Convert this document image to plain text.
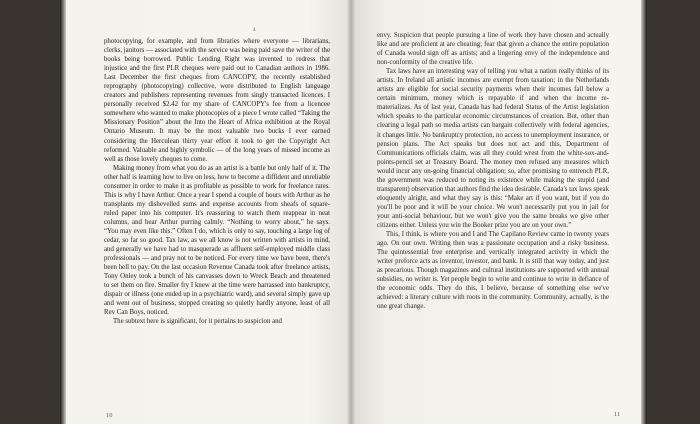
4

photocopying, for example, and from libraries where everyone — librarians, clerks, janitors — associated with the service was being paid save the writer of the books being borrowed. Public Lending Right was invented to redress that injustice and the first PLR cheques were paid out to Canadian authors in 1986. Last December the first cheques from CANCOPY, the recently established reprography (photocopying) collective, were distributed to English language creators and publishers representing revenues from singly transacted licences. I personally received $2.42 for my share of CANCOPY's fee from a licencee somewhere who wanted to make photocopies of a piece I wrote called “Taking the Missionary Position” about the Into the Heart of Africa exhibition at the Royal Ontario Museum. It may be the most valuable two bucks I ever earned considering the Herculean thirty year effort it took to get the Copyright Act reformed. Valuable and highly symbolic — of the long years of missed income as well as those lovely cheques to come.

Making money from what you do as an artist is a battle but only half of it. The other half is learning how to live on less, how to become a diffident and unreliable consumer in order to make it as profitable as possible to work for freelance rates. This is why I have Arthur. Once a year I spend a couple of hours with Arthur as he transplants my dishevelled sums and expense accounts from sheafs of square-ruled paper into his computer. It's reassuring to watch them reappear in neat columns, and hear Arthur purring calmly. “Nothing to worry about,” he says. “You may even like this.” Often I do, which is only to say, touching a large log of cedar, so far so good. Tax law, as we all know is not written with artists in mind, and generally we have had to masquerade as affluent self-employed middle class professionals — and pray not to be noticed. For every time we have been, there's been hell to pay. On the last occasion Revenue Canada took after freelance artists, Tony Onley took a bunch of his canvasses down to Wreck Beach and threatened to set them on fire. Smaller fry I knew at the time were harrassed into bankruptcy, dispair or illness (one ended up in a psychiatric ward), and several simply gave up and went out of business, stopped creating so quietly hardly anyone, least of all Rev Can Boys, noticed.

The subtext here is significant, for it pertains to suspicion and

10

envy. Suspicion that people pursuing a line of work they have chosen and actually like and are proficient at are cheating; fear that given a chance the entire population of Canada would sign off as artists; and a lingering envy of the independence and non-conformity of the creative life.

Tax laws have an interesting way of telling you what a nation really thinks of its artists. In Ireland all artistic incomes are exempt from taxation; in the Netherlands artists are eligible for social security payments when their incomes fall below a certain minimum, money which is repayable if and when the income re-materializes. As of last year, Canada has had federal Status of the Artist legislation which speaks to the particular economic circumstances of creation. But, other than clearing a legal path so media artists can bargain collectively with federal agencies, it changes little. No bankruptcy protection, no access to unemployment insurance, or pension plans. The Act speaks but does not act and this, Department of Communications officials claim, was all they could wrest from the white-sox-and-points-pencil set at Treasury Board. The money men refused any measures which would incur any on-going financial obligation; so, after promising to entrench PLR, the government was reduced to noting its existence while making the stupid (and transparent) observation that authors find the idea desirable. Canada's tax laws speak eloquently alright, and what they say is this: “Make art if you want, but if you do you'll be poor and it will be your choice. We won't necessarily put you in jail for your anti-social behaviour, but we won't give you the same breaks we give other citizens either. Unless you win the Booker prize you are on your own.”

This, I think, is where you and I and The Capilano Review came in twenty years ago. On our own. Writing then was a passionate occupation and a risky business. The quintessential free enterprise and vertically integrated activity in which the writer preforce acts as inventor, investor, and bank. It is still that way today, and just as precarious. Though magazines and cultural institutions are supported with annual subsidies, no writer is. Yet people begin to write and continue to write in defiance of the economic odds. They do this, I believe, because of something else we've achieved: a literary culture with roots in the community. Community, actually, is the one great change.

11
